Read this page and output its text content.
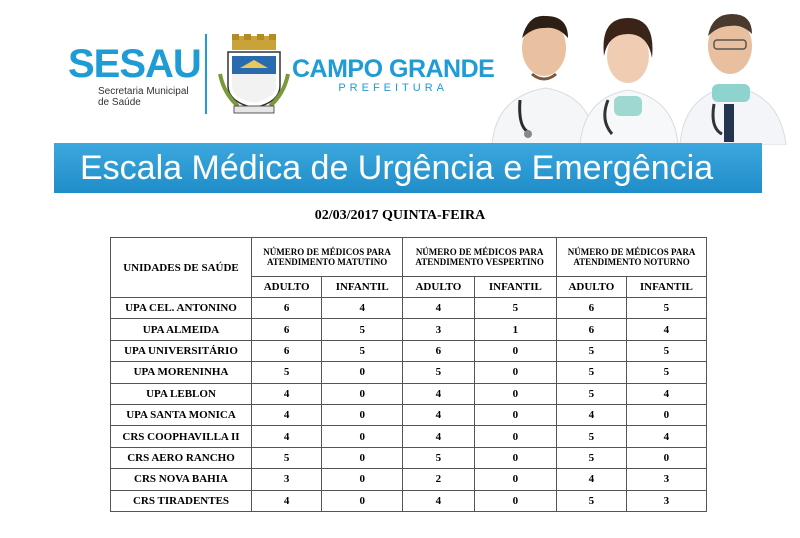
SESAU
Secretaria Municipal
de Saúde
CAMPO GRANDE
PREFEITURA
Escala Médica de Urgência e Emergência
02/03/2017 QUINTA-FEIRA
UNIDADES DE SAÚDE	NÚMERO DE MÉDICOS PARA ATENDIMENTO MATUTINO		NÚMERO DE MÉDICOS PARA ATENDIMENTO VESPERTINO		NÚMERO DE MÉDICOS PARA ATENDIMENTO NOTURNO	
	ADULTO	INFANTIL	ADULTO	INFANTIL	ADULTO	INFANTIL
UPA CEL. ANTONINO	6	4	4	5	6	5
UPA ALMEIDA	6	5	3	1	6	4
UPA UNIVERSITÁRIO	6	5	6	0	5	5
UPA MORENINHA	5	0	5	0	5	5
UPA LEBLON	4	0	4	0	5	4
UPA SANTA MONICA	4	0	4	0	4	0
CRS COOPHAVILLA II	4	0	4	0	5	4
CRS AERO RANCHO	5	0	5	0	5	0
CRS NOVA BAHIA	3	0	2	0	4	3
CRS TIRADENTES	4	0	4	0	5	3
